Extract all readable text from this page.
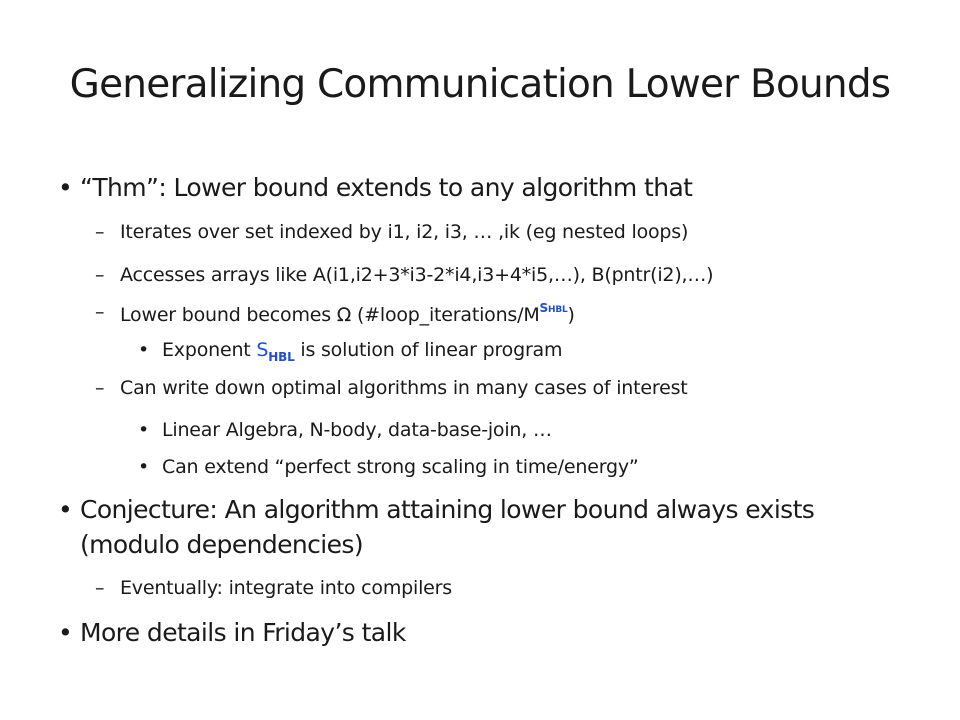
Generalizing Communication Lower Bounds
• “Thm”: Lower bound extends to any algorithm that
– Iterates over set indexed by i1, i2, i3, … ,ik (eg nested loops)
– Accesses arrays like A(i1,i2+3*i3-2*i4,i3+4*i5,…), B(pntr(i2),…)
– Lower bound becomes Ω $(\#loop\_iterations/M^{SHBL})$
• Exponent $S_{HBL}$ is solution of linear program
– Can write down optimal algorithms in many cases of interest
• Linear Algebra, N-body, data-base-join, …
• Can extend “perfect strong scaling in time/energy”
• Conjecture: An algorithm attaining lower bound always exists
(modulo dependencies)
– Eventually: integrate into compilers
• More details in Friday’s talk
